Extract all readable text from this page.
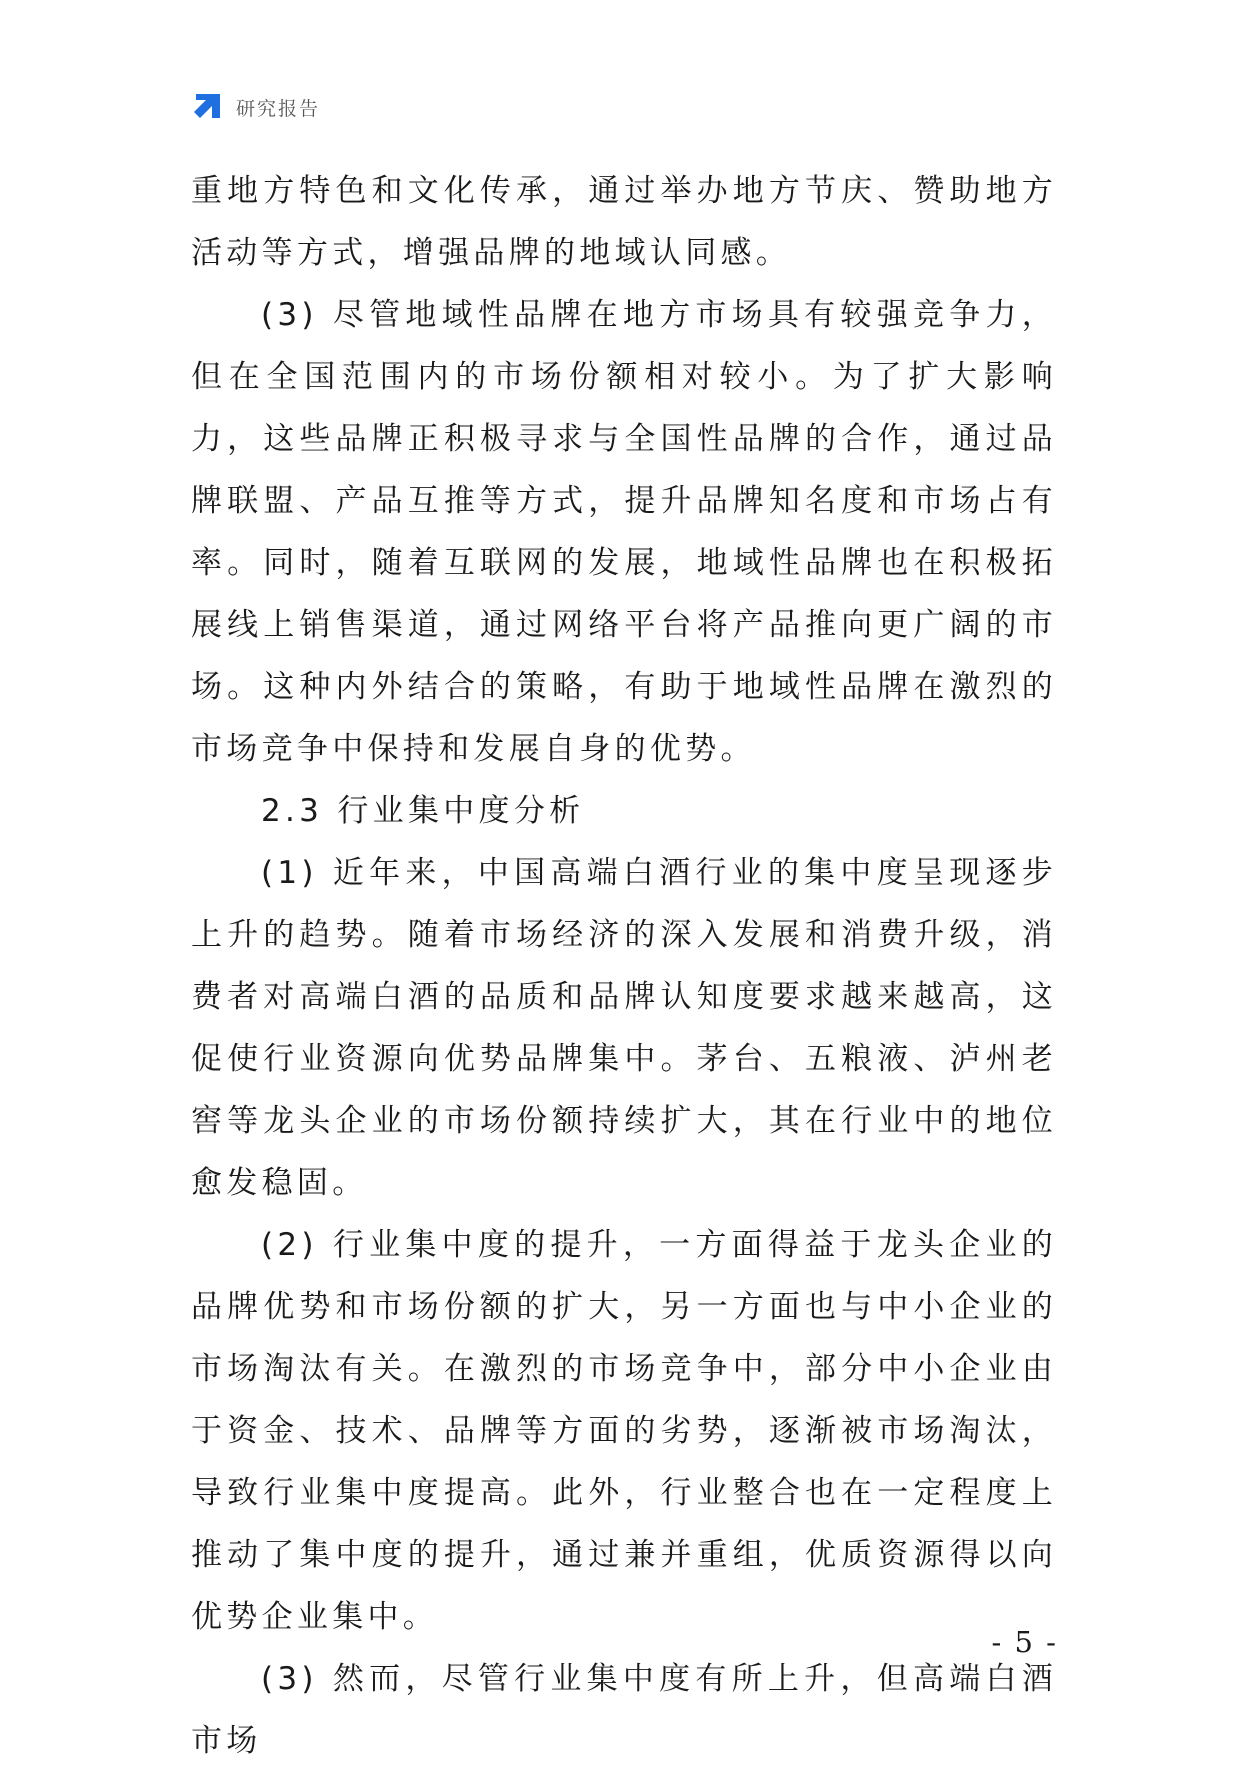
研究报告

重地方特色和文化传承，通过举办地方节庆、赞助地方活动等方式，增强品牌的地域认同感。

(3) 尽管地域性品牌在地方市场具有较强竞争力，但在全国范围内的市场份额相对较小。为了扩大影响力，这些品牌正积极寻求与全国性品牌的合作，通过品牌联盟、产品互推等方式，提升品牌知名度和市场占有率。同时，随着互联网的发展，地域性品牌也在积极拓展线上销售渠道，通过网络平台将产品推向更广阔的市场。这种内外结合的策略，有助于地域性品牌在激烈的市场竞争中保持和发展自身的优势。

2.3 行业集中度分析

(1) 近年来，中国高端白酒行业的集中度呈现逐步上升的趋势。随着市场经济的深入发展和消费升级，消费者对高端白酒的品质和品牌认知度要求越来越高，这促使行业资源向优势品牌集中。茅台、五粮液、泸州老窖等龙头企业的市场份额持续扩大，其在行业中的地位愈发稳固。

(2) 行业集中度的提升，一方面得益于龙头企业的品牌优势和市场份额的扩大，另一方面也与中小企业的市场淘汰有关。在激烈的市场竞争中，部分中小企业由于资金、技术、品牌等方面的劣势，逐渐被市场淘汰，导致行业集中度提高。此外，行业整合也在一定程度上推动了集中度的提升，通过兼并重组，优质资源得以向优势企业集中。

(3) 然而，尽管行业集中度有所上升，但高端白酒市场

- 5 -
